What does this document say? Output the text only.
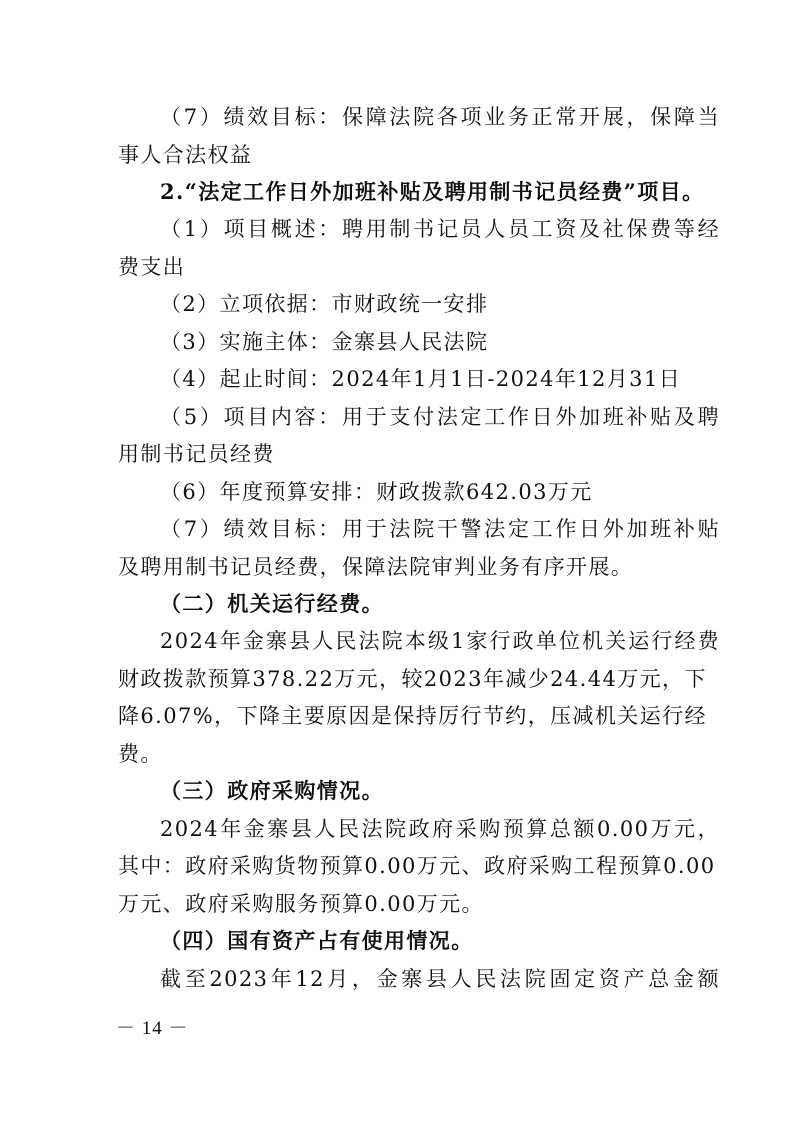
（7）绩效目标：保障法院各项业务正常开展，保障当
事人合法权益
2.“法定工作日外加班补贴及聘用制书记员经费”项目。
（1）项目概述：聘用制书记员人员工资及社保费等经
费支出
（2）立项依据：市财政统一安排
（3）实施主体：金寨县人民法院
（4）起止时间：2024年1月1日-2024年12月31日
（5）项目内容：用于支付法定工作日外加班补贴及聘
用制书记员经费
（6）年度预算安排：财政拨款642.03万元
（7）绩效目标：用于法院干警法定工作日外加班补贴
及聘用制书记员经费，保障法院审判业务有序开展。
（二）机关运行经费。
2024年金寨县人民法院本级1家行政单位机关运行经费
财政拨款预算378.22万元，较2023年减少24.44万元，下
降6.07%，下降主要原因是保持厉行节约，压减机关运行经
费。
（三）政府采购情况。
2024年金寨县人民法院政府采购预算总额0.00万元，
其中：政府采购货物预算0.00万元、政府采购工程预算0.00
万元、政府采购服务预算0.00万元。
（四）国有资产占有使用情况。
截至2023年12月，金寨县人民法院固定资产总金额
－ 14 －
